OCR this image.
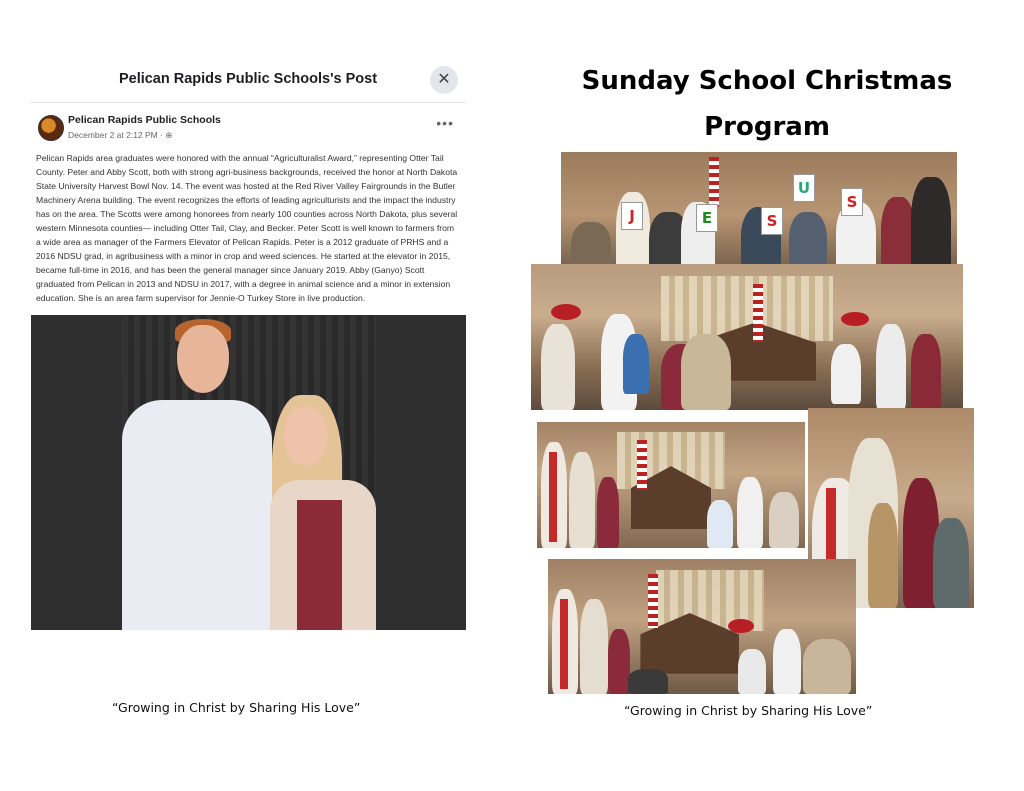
Pelican Rapids Public Schools's Post	✕
Pelican Rapids Public Schools
December 2 at 2:12 PM · ⊕
•••
Pelican Rapids area graduates were honored with the annual “Agriculturalist Award,” representing Otter Tail County. Peter and Abby Scott, both with strong agri-business backgrounds, received the honor at North Dakota State University Harvest Bowl Nov. 14. The event was hosted at the Red River Valley Fairgrounds in the Butler Machinery Arena building. The event recognizes the efforts of leading agriculturists and the impact the industry has on the area. The Scotts were among honorees from nearly 100 counties across North Dakota, plus several western Minnesota counties— including Otter Tail, Clay, and Becker. Peter Scott is well known to farmers from a wide area as manager of the Farmers Elevator of Pelican Rapids. Peter is a 2012 graduate of PRHS and a 2016 NDSU grad, in agribusiness with a minor in crop and weed sciences. He started at the elevator in 2015, became full-time in 2016, and has been the general manager since January 2019. Abby (Ganyo) Scott graduated from Pelican in 2013 and NDSU in 2017, with a degree in animal science and a minor in extension education. She is an area farm supervisor for Jennie-O Turkey Store in live production.
“Growing in Christ by Sharing His Love”
Sunday School Christmas
Program
J	E	S
U
S
“Growing in Christ by Sharing His Love”
